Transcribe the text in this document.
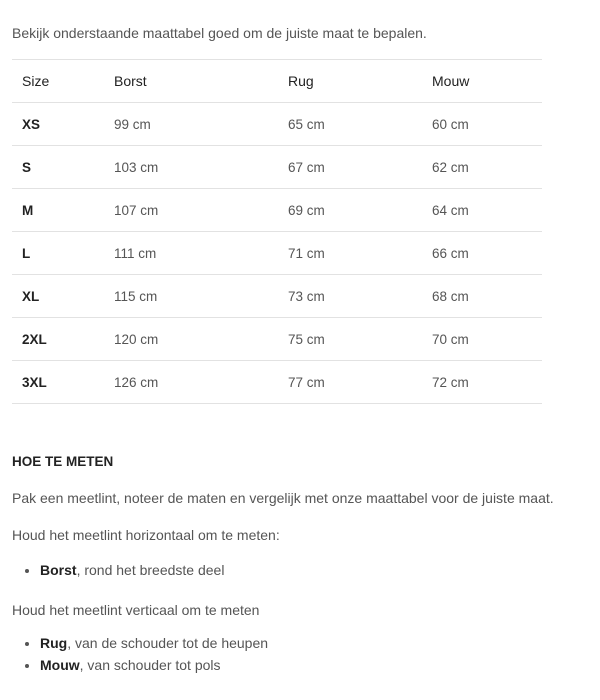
Bekijk onderstaande maattabel goed om de juiste maat te bepalen.

Size	Borst	Rug	Mouw
XS	99 cm	65 cm	60 cm
S	103 cm	67 cm	62 cm
M	107 cm	69 cm	64 cm
L	111 cm	71 cm	66 cm
XL	115 cm	73 cm	68 cm
2XL	120 cm	75 cm	70 cm
3XL	126 cm	77 cm	72 cm
HOE TE METEN

Pak een meetlint, noteer de maten en vergelijk met onze maattabel voor de juiste maat.

Houd het meetlint horizontaal om te meten:

• Borst, rond het breedste deel

Houd het meetlint verticaal om te meten

• Rug, van de schouder tot de heupen
• Mouw, van schouder tot pols
